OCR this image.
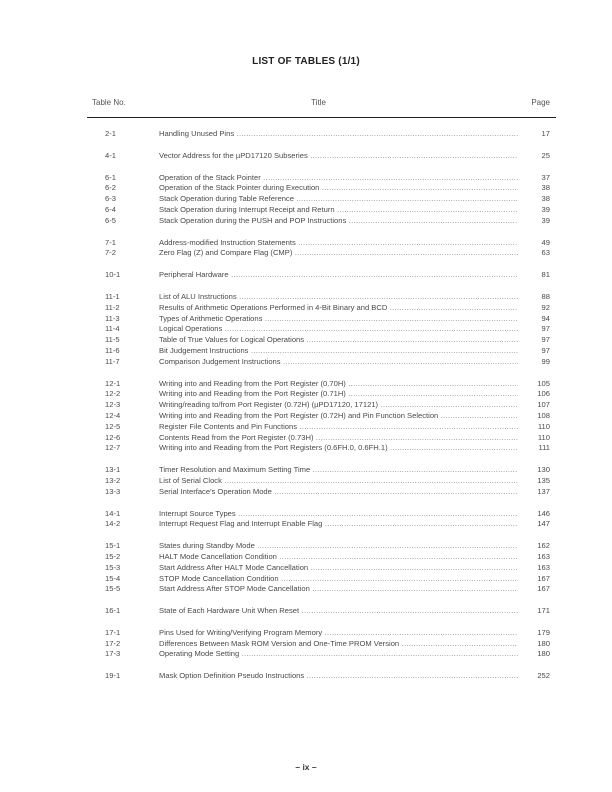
LIST OF TABLES (1/1)
Table No.	Title	Page
2-1	Handling Unused Pins .....	17
4-1	Vector Address for the µPD17120 Subseries .....	25
6-1	Operation of the Stack Pointer .....	37
6-2	Operation of the Stack Pointer during Execution .....	38
6-3	Stack Operation during Table Reference .....	38
6-4	Stack Operation during Interrupt Receipt and Return .....	39
6-5	Stack Operation during the PUSH and POP Instructions .....	39
7-1	Address-modified Instruction Statements .....	49
7-2	Zero Flag (Z) and Compare Flag (CMP) .....	63
10-1	Peripheral Hardware .....	81
11-1	List of ALU Instructions .....	88
11-2	Results of Arithmetic Operations Performed in 4-Bit Binary and BCD .....	92
11-3	Types of Arithmetic Operations .....	94
11-4	Logical Operations .....	97
11-5	Table of True Values for Logical Operations .....	97
11-6	Bit Judgement Instructions .....	97
11-7	Comparison Judgement Instructions .....	99
12-1	Writing into and Reading from the Port Register (0.70H) .....	105
12-2	Writing into and Reading from the Port Register (0.71H) .....	106
12-3	Writing/reading to/from Port Register (0.72H) (µPD17120, 17121) .....	107
12-4	Writing into and Reading from the Port Register (0.72H) and Pin Function Selection .....	108
12-5	Register File Contents and Pin Functions .....	110
12-6	Contents Read from the Port Register (0.73H) .....	110
12-7	Writing into and Reading from the Port Registers (0.6FH.0, 0.6FH.1) .....	111
13-1	Timer Resolution and Maximum Setting Time .....	130
13-2	List of Serial Clock .....	135
13-3	Serial Interface's Operation Mode .....	137
14-1	Interrupt Source Types .....	146
14-2	Interrupt Request Flag and Interrupt Enable Flag .....	147
15-1	States during Standby Mode .....	162
15-2	HALT Mode Cancellation Condition .....	163
15-3	Start Address After HALT Mode Cancellation .....	163
15-4	STOP Mode Cancellation Condition .....	167
15-5	Start Address After STOP Mode Cancellation .....	167
16-1	State of Each Hardware Unit When Reset .....	171
17-1	Pins Used for Writing/Verifying Program Memory .....	179
17-2	Differences Between Mask ROM Version and One-Time PROM Version .....	180
17-3	Operating Mode Setting .....	180
19-1	Mask Option Definition Pseudo Instructions .....	252
– ix –
